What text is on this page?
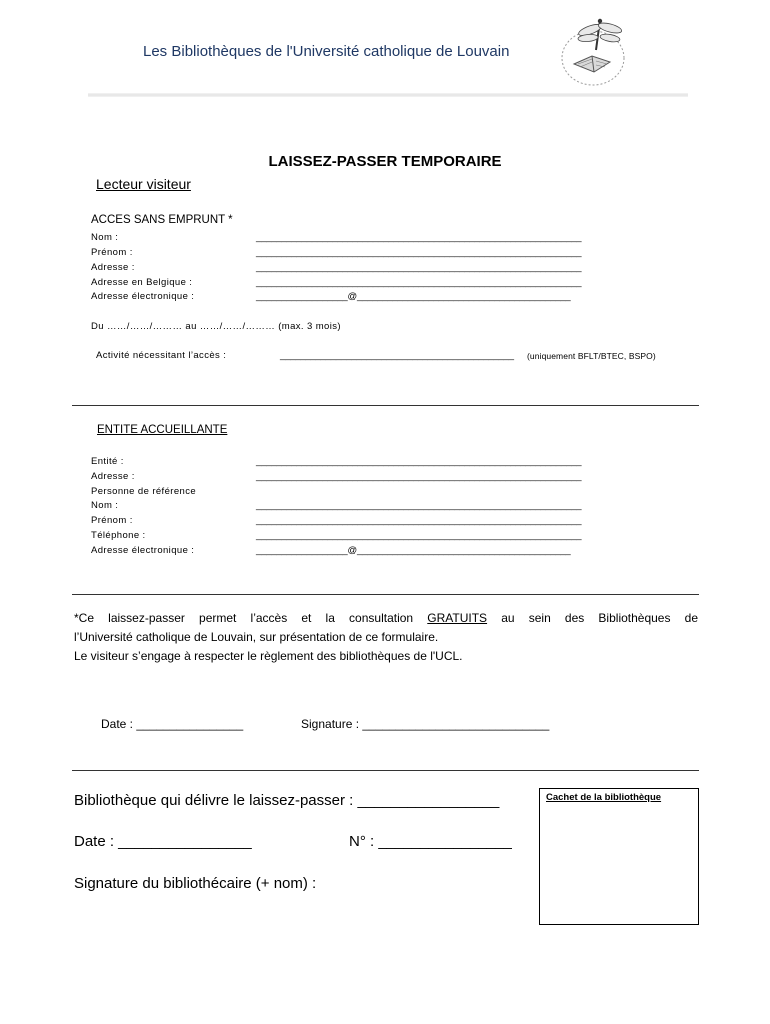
Les Bibliothèques de l'Université catholique de Louvain
LAISSEZ-PASSER TEMPORAIRE
Lecteur visiteur
ACCES SANS EMPRUNT *
Nom :	________________________________________________________________
Prénom :	________________________________________________________________
Adresse :	________________________________________________________________
Adresse en Belgique :	________________________________________________________________
Adresse électronique :	__________________@__________________________________________
Du ……/……/……… au ……/……/……… (max. 3 mois)
Activité nécessitant l’accès :	______________________________________________ (uniquement BFLT/BTEC, BSPO)
ENTITE ACCUEILLANTE
Entité :	________________________________________________________________
Adresse :	________________________________________________________________
Personne de référence
Nom :	________________________________________________________________
Prénom :	________________________________________________________________
Téléphone :	________________________________________________________________
Adresse électronique :	__________________@__________________________________________
*Ce laissez-passer permet l’accès et la consultation GRATUITS au sein des Bibliothèques de
l’Université catholique de Louvain, sur présentation de ce formulaire.
Le visiteur s’engage à respecter le règlement des bibliothèques de l'UCL.
Date : ________________	Signature : ____________________________
Bibliothèque qui délivre le laissez-passer : _________________
Date : ________________	N° : ________________
Signature du bibliothécaire (+ nom) :
Cachet de la bibliothèque
